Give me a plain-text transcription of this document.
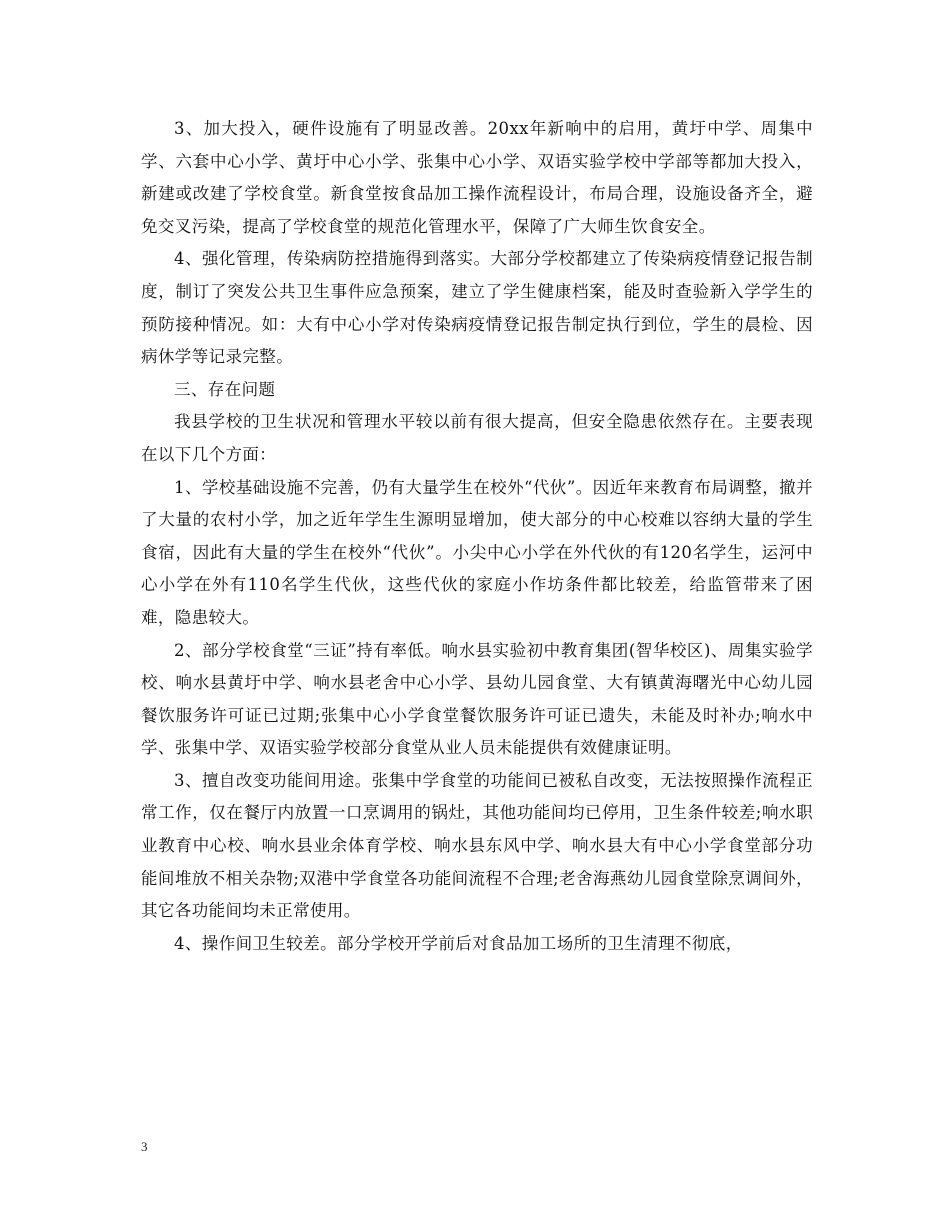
3、加大投入，硬件设施有了明显改善。20xx年新响中的启用，黄圩中学、周集中学、六套中心小学、黄圩中心小学、张集中心小学、双语实验学校中学部等都加大投入，新建或改建了学校食堂。新食堂按食品加工操作流程设计，布局合理，设施设备齐全，避免交叉污染，提高了学校食堂的规范化管理水平，保障了广大师生饮食安全。

4、强化管理，传染病防控措施得到落实。大部分学校都建立了传染病疫情登记报告制度，制订了突发公共卫生事件应急预案，建立了学生健康档案，能及时查验新入学学生的预防接种情况。如：大有中心小学对传染病疫情登记报告制定执行到位，学生的晨检、因病休学等记录完整。

三、存在问题

我县学校的卫生状况和管理水平较以前有很大提高，但安全隐患依然存在。主要表现在以下几个方面：

1、学校基础设施不完善，仍有大量学生在校外“代伙”。因近年来教育布局调整，撤并了大量的农村小学，加之近年学生生源明显增加，使大部分的中心校难以容纳大量的学生食宿，因此有大量的学生在校外“代伙”。小尖中心小学在外代伙的有120名学生，运河中心小学在外有110名学生代伙，这些代伙的家庭小作坊条件都比较差，给监管带来了困难，隐患较大。

2、部分学校食堂“三证”持有率低。响水县实验初中教育集团(智华校区)、周集实验学校、响水县黄圩中学、响水县老舍中心小学、县幼儿园食堂、大有镇黄海曙光中心幼儿园餐饮服务许可证已过期;张集中心小学食堂餐饮服务许可证已遗失，未能及时补办;响水中学、张集中学、双语实验学校部分食堂从业人员未能提供有效健康证明。

3、擅自改变功能间用途。张集中学食堂的功能间已被私自改变，无法按照操作流程正常工作，仅在餐厅内放置一口烹调用的锅灶，其他功能间均已停用，卫生条件较差;响水职业教育中心校、响水县业余体育学校、响水县东风中学、响水县大有中心小学食堂部分功能间堆放不相关杂物;双港中学食堂各功能间流程不合理;老舍海燕幼儿园食堂除烹调间外，其它各功能间均未正常使用。

4、操作间卫生较差。部分学校开学前后对食品加工场所的卫生清理不彻底，

3
